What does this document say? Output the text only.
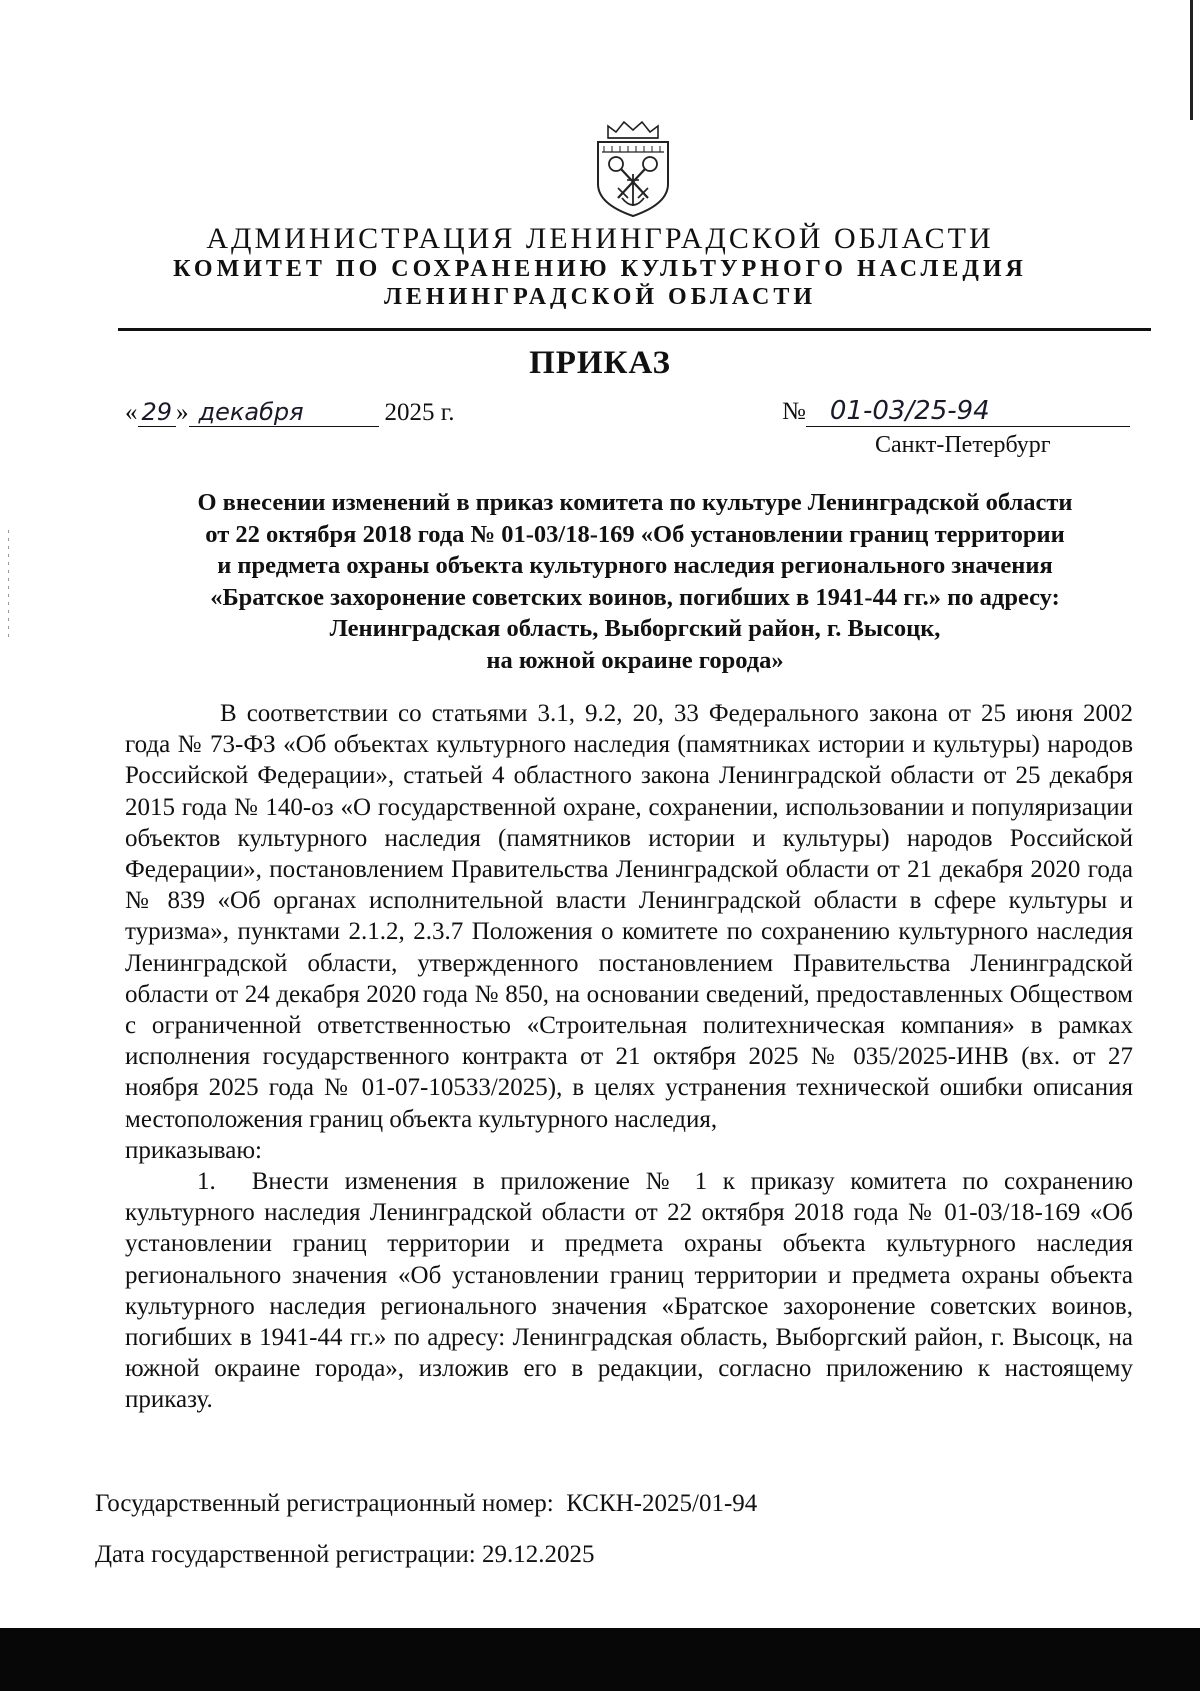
АДМИНИСТРАЦИЯ ЛЕНИНГРАДСКОЙ ОБЛАСТИ
КОМИТЕТ ПО СОХРАНЕНИЮ КУЛЬТУРНОГО НАСЛЕДИЯ
ЛЕНИНГРАДСКОЙ ОБЛАСТИ
ПРИКАЗ
« 29 » декабря	2025 г.	№ 01-03/25-94
Санкт-Петербург
О внесении изменений в приказ комитета по культуре Ленинградской области
от 22 октября 2018 года № 01-03/18-169 «Об установлении границ территории
и предмета охраны объекта культурного наследия регионального значения
«Братское захоронение советских воинов, погибших в 1941-44 гг.» по адресу:
Ленинградская область, Выборгский район, г. Высоцк,
на южной окраине города»

В соответствии со статьями 3.1, 9.2, 20, 33 Федерального закона от 25 июня 2002 года № 73-ФЗ «Об объектах культурного наследия (памятниках истории и культуры) народов Российской Федерации», статьей 4 областного закона Ленинградской области от 25 декабря 2015 года № 140-оз «О государственной охране, сохранении, использовании и популяризации объектов культурного наследия (памятников истории и культуры) народов Российской Федерации», постановлением Правительства Ленинградской области от 21 декабря 2020 года № 839 «Об органах исполнительной власти Ленинградской области в сфере культуры и туризма», пунктами 2.1.2, 2.3.7 Положения о комитете по сохранению культурного наследия Ленинградской области, утвержденного постановлением Правительства Ленинградской области от 24 декабря 2020 года № 850, на основании сведений, предоставленных Обществом с ограниченной ответственностью «Строительная политехническая компания» в рамках исполнения государственного контракта от 21 октября 2025 № 035/2025-ИНВ (вх. от 27 ноября 2025 года № 01-07-10533/2025), в целях устранения технической ошибки описания местоположения границ объекта культурного наследия,

приказываю:

1. Внести изменения в приложение № 1 к приказу комитета по сохранению культурного наследия Ленинградской области от 22 октября 2018 года № 01-03/18-169 «Об установлении границ территории и предмета охраны объекта культурного наследия регионального значения «Об установлении границ территории и предмета охраны объекта культурного наследия регионального значения «Братское захоронение советских воинов, погибших в 1941-44 гг.» по адресу: Ленинградская область, Выборгский район, г. Высоцк, на южной окраине города», изложив его в редакции, согласно приложению к настоящему приказу.

Государственный регистрационный номер: КСКН-2025/01-94
Дата государственной регистрации: 29.12.2025
